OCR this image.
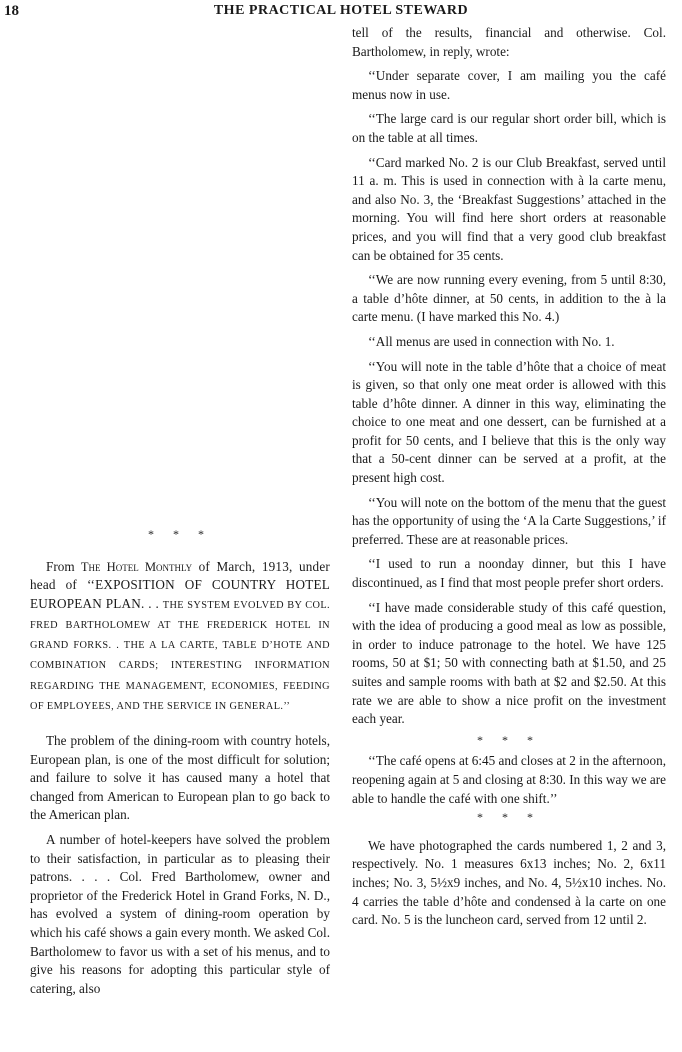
18	THE PRACTICAL HOTEL STEWARD

* * *

From The Hotel Monthly of March, 1913, under head of ‘‘EXPOSITION OF COUNTRY HOTEL EUROPEAN PLAN. . . THE SYSTEM EVOLVED BY COL. FRED BARTHOLOMEW AT THE FREDERICK HOTEL IN GRAND FORKS. . THE A LA CARTE, TABLE D’HOTE AND COMBINATION CARDS; INTERESTING INFORMATION REGARDING THE MANAGEMENT, ECONOMIES, FEEDING OF EMPLOYEES, AND THE SERVICE IN GENERAL.’’

The problem of the dining-room with country hotels, European plan, is one of the most difficult for solution; and failure to solve it has caused many a hotel that changed from American to European plan to go back to the American plan.

A number of hotel-keepers have solved the problem to their satisfaction, in particular as to pleasing their patrons. . . . Col. Fred Bartholomew, owner and proprietor of the Frederick Hotel in Grand Forks, N. D., has evolved a system of dining-room operation by which his café shows a gain every month. We asked Col. Bartholomew to favor us with a set of his menus, and to give his reasons for adopting this particular style of catering, also

tell of the results, financial and otherwise. Col. Bartholomew, in reply, wrote:

‘‘Under separate cover, I am mailing you the café menus now in use.

‘‘The large card is our regular short order bill, which is on the table at all times.

‘‘Card marked No. 2 is our Club Breakfast, served until 11 a. m. This is used in connection with à la carte menu, and also No. 3, the ‘Breakfast Suggestions’ attached in the morning. You will find here short orders at reasonable prices, and you will find that a very good club breakfast can be obtained for 35 cents.

‘‘We are now running every evening, from 5 until 8:30, a table d’hôte dinner, at 50 cents, in addition to the à la carte menu. (I have marked this No. 4.)

‘‘All menus are used in connection with No. 1.

‘‘You will note in the table d’hôte that a choice of meat is given, so that only one meat order is allowed with this table d’hôte dinner. A dinner in this way, eliminating the choice to one meat and one dessert, can be furnished at a profit for 50 cents, and I believe that this is the only way that a 50-cent dinner can be served at a profit, at the present high cost.

‘‘You will note on the bottom of the menu that the guest has the opportunity of using the ‘A la Carte Suggestions,’ if preferred. These are at reasonable prices.

‘‘I used to run a noonday dinner, but this I have discontinued, as I find that most people prefer short orders.

‘‘I have made considerable study of this café question, with the idea of producing a good meal as low as possible, in order to induce patronage to the hotel. We have 125 rooms, 50 at $1; 50 with connecting bath at $1.50, and 25 suites and sample rooms with bath at $2 and $2.50. At this rate we are able to show a nice profit on the investment each year.

* * *

‘‘The café opens at 6:45 and closes at 2 in the afternoon, reopening again at 5 and closing at 8:30. In this way we are able to handle the café with one shift.’’

* * *

We have photographed the cards numbered 1, 2 and 3, respectively. No. 1 measures 6x13 inches; No. 2, 6x11 inches; No. 3, 5½x9 inches, and No. 4, 5½x10 inches. No. 4 carries the table d’hôte and condensed à la carte on one card. No. 5 is the luncheon card, served from 12 until 2.
